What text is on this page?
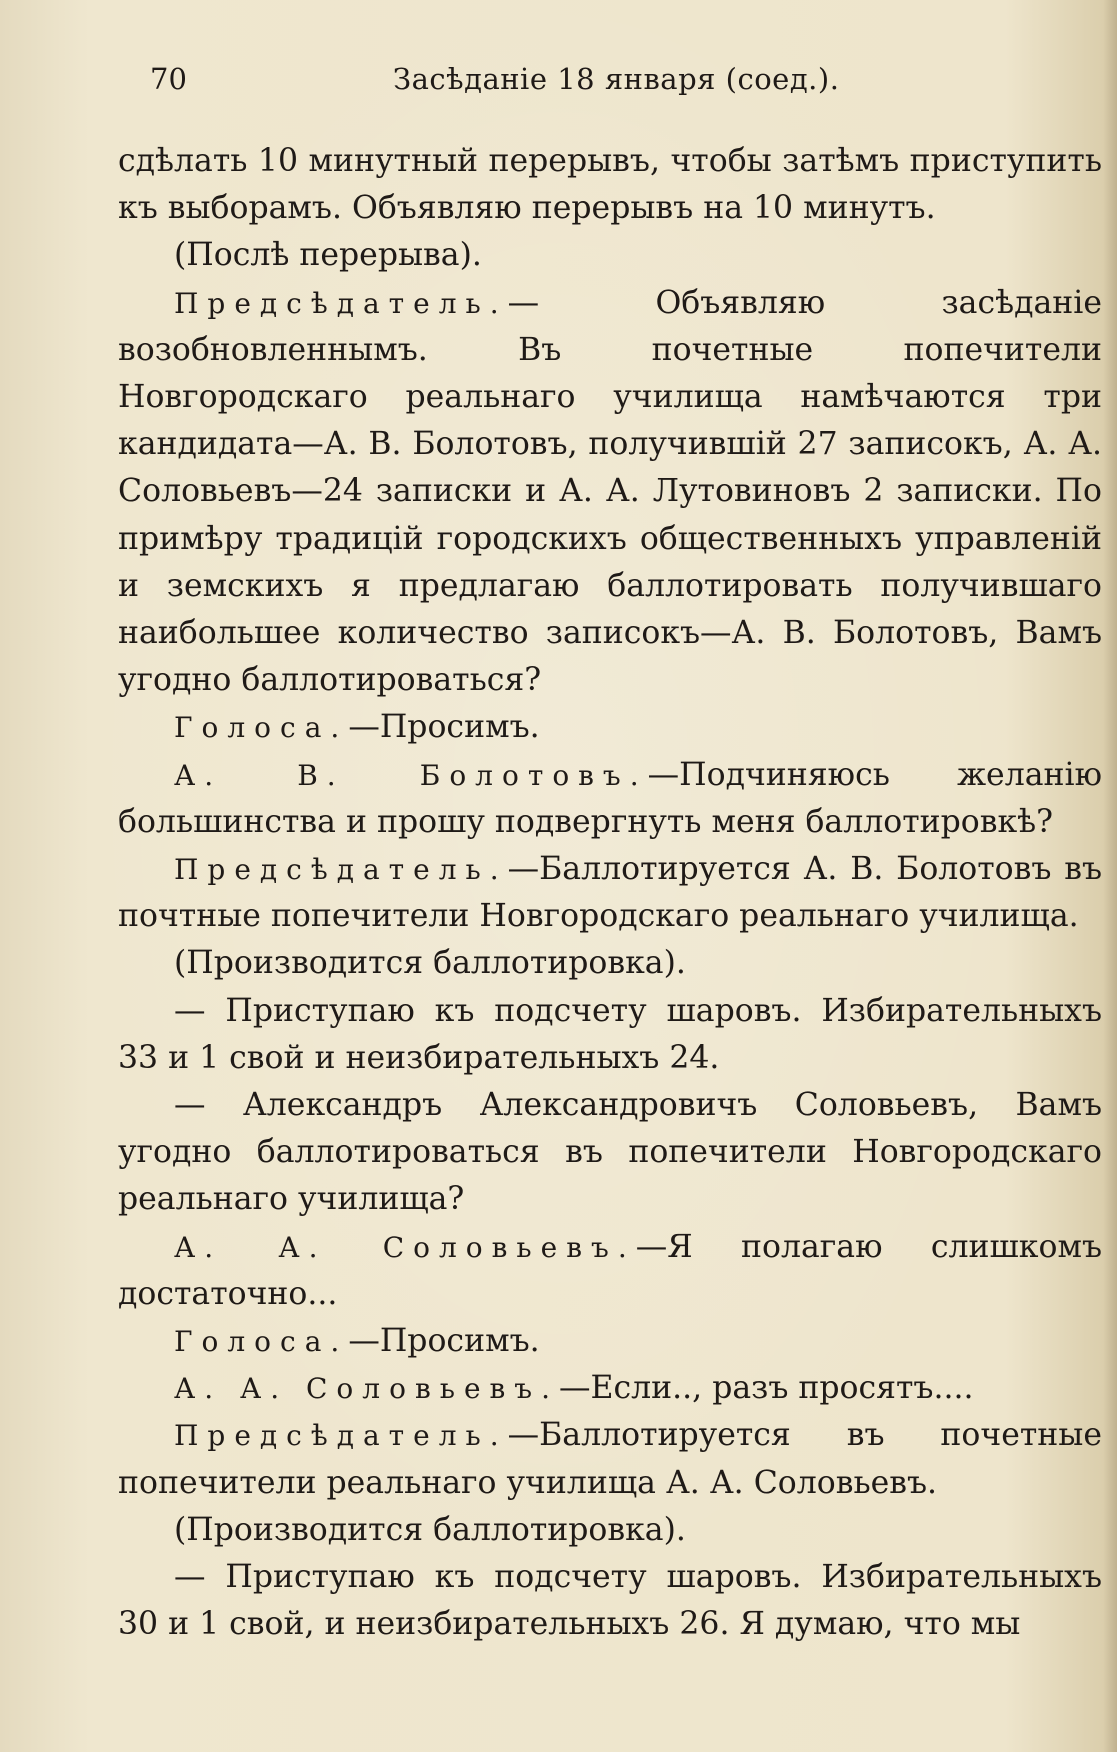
70	Засѣданіе 18 января (соед.).

сдѣлать 10 минутный перерывъ, чтобы затѣмъ приступить къ выборамъ. Объявляю перерывъ на 10 минутъ.

(Послѣ перерыва).

Предсѣдатель.— Объявляю засѣданіе возобновленнымъ. Въ почетные попечители Новгородскаго реальнаго училища намѣчаются три кандидата—А. В. Болотовъ, получившій 27 записокъ, А. А. Соловьевъ—24 записки и А. А. Лутовиновъ 2 записки. По примѣру традицій городскихъ общественныхъ управленій и земскихъ я предлагаю баллотировать получившаго наибольшее количество записокъ—А. В. Болотовъ, Вамъ угодно баллотироваться?

Голоса.—Просимъ.

А. В. Болотовъ.—Подчиняюсь желанію большинства и прошу подвергнуть меня баллотировкѣ?

Предсѣдатель.—Баллотируется А. В. Болотовъ въ почтные попечители Новгородскаго реальнаго училища.

(Производится баллотировка).

— Приступаю къ подсчету шаровъ. Избирательныхъ 33 и 1 свой и неизбирательныхъ 24.

— Александръ Александровичъ Соловьевъ, Вамъ угодно баллотироваться въ попечители Новгородскаго реальнаго училища?

А. А. Соловьевъ.—Я полагаю слишкомъ достаточно...

Голоса.—Просимъ.

А. А. Соловьевъ.—Если.., разъ просятъ....

Предсѣдатель.—Баллотируется въ почетные попечители реальнаго училища А. А. Соловьевъ.

(Производится баллотировка).

— Приступаю къ подсчету шаровъ. Избирательныхъ 30 и 1 свой, и неизбирательныхъ 26. Я думаю, что мы
